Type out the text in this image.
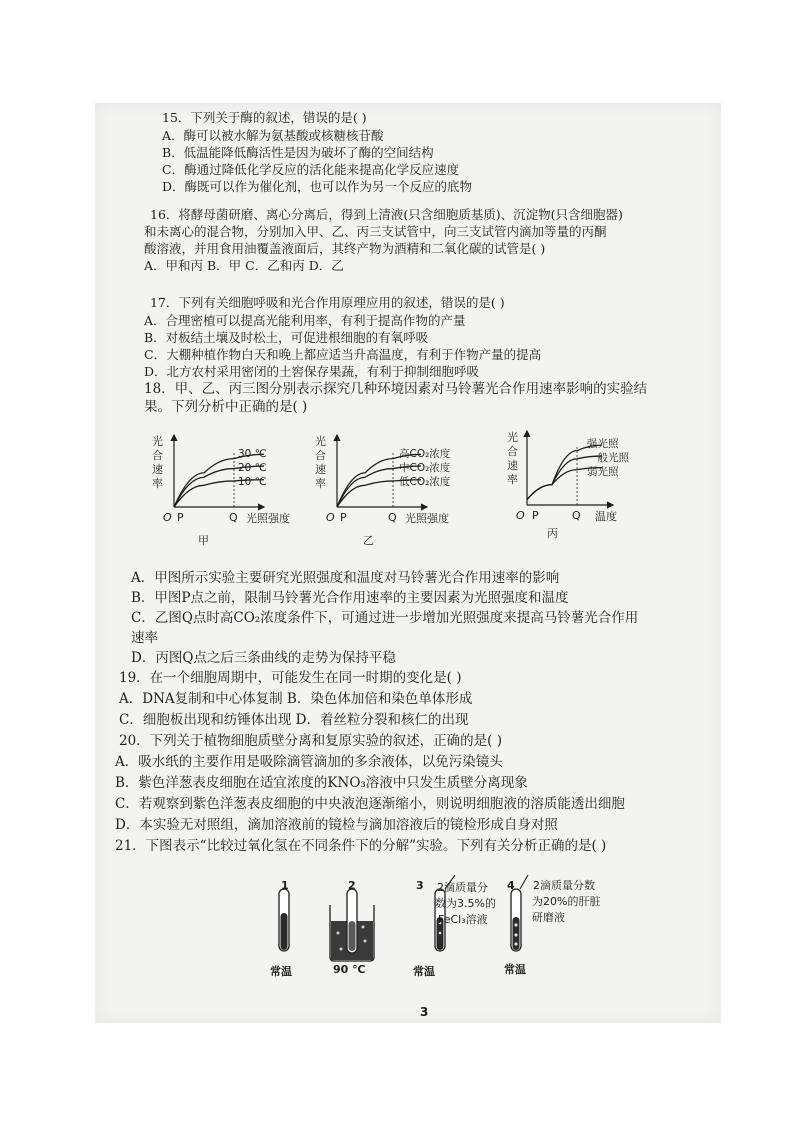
15．下列关于酶的叙述，错误的是( )
A．酶可以被水解为氨基酸或核糖核苷酸
B．低温能降低酶活性是因为破坏了酶的空间结构
C．酶通过降低化学反应的活化能来提高化学反应速度
D．酶既可以作为催化剂，也可以作为另一个反应的底物
16．将酵母菌研磨、离心分离后，得到上清液(只含细胞质基质)、沉淀物(只含细胞器)
和未离心的混合物，分别加入甲、乙、丙三支试管中，向三支试管内滴加等量的丙酮
酸溶液，并用食用油覆盖液面后，其终产物为酒精和二氧化碳的试管是( )
A．甲和丙 B．甲 C．乙和丙 D．乙
17．下列有关细胞呼吸和光合作用原理应用的叙述，错误的是( )
A．合理密植可以提高光能利用率，有利于提高作物的产量
B．对板结土壤及时松土，可促进根细胞的有氧呼吸
C．大棚种植作物白天和晚上都应适当升高温度，有利于作物产量的提高
D．北方农村采用密闭的土窖保存果蔬，有利于抑制细胞呼吸
18．甲、乙、丙三图分别表示探究几种环境因素对马铃薯光合作用速率影响的实验结
果。下列分析中正确的是( )
光
合
速
率
30 ℃
20 ℃
10 ℃
O P	Q 光照强度
甲
光
合
速
率
高CO₂浓度
中CO₂浓度
低CO₂浓度
O P	Q 光照强度
乙
光
合
速
率
强光照
一般光照
弱光照
O P	Q 温度
丙
A．甲图所示实验主要研究光照强度和温度对马铃薯光合作用速率的影响
B．甲图P点之前，限制马铃薯光合作用速率的主要因素为光照强度和温度
C．乙图Q点时高CO₂浓度条件下，可通过进一步增加光照强度来提高马铃薯光合作用
速率
D．丙图Q点之后三条曲线的走势为保持平稳
19．在一个细胞周期中，可能发生在同一时期的变化是( )
A．DNA复制和中心体复制 B．染色体加倍和染色单体形成
C．细胞板出现和纺锤体出现 D．着丝粒分裂和核仁的出现
20．下列关于植物细胞质壁分离和复原实验的叙述，正确的是( )
A．吸水纸的主要作用是吸除滴管滴加的多余液体，以免污染镜头
B．紫色洋葱表皮细胞在适宜浓度的KNO₃溶液中只发生质壁分离现象
C．若观察到紫色洋葱表皮细胞的中央液泡逐渐缩小，则说明细胞液的溶质能透出细胞
D．本实验无对照组，滴加溶液前的镜检与滴加溶液后的镜检形成自身对照
21．下图表示“比较过氧化氢在不同条件下的分解”实验。下列有关分析正确的是( )
1	2	3	4
2滴质量分
数为3.5%的
FeCl₃溶液
2滴质量分数
为20%的肝脏
研磨液
常温	90 ℃	常温	常温
3
